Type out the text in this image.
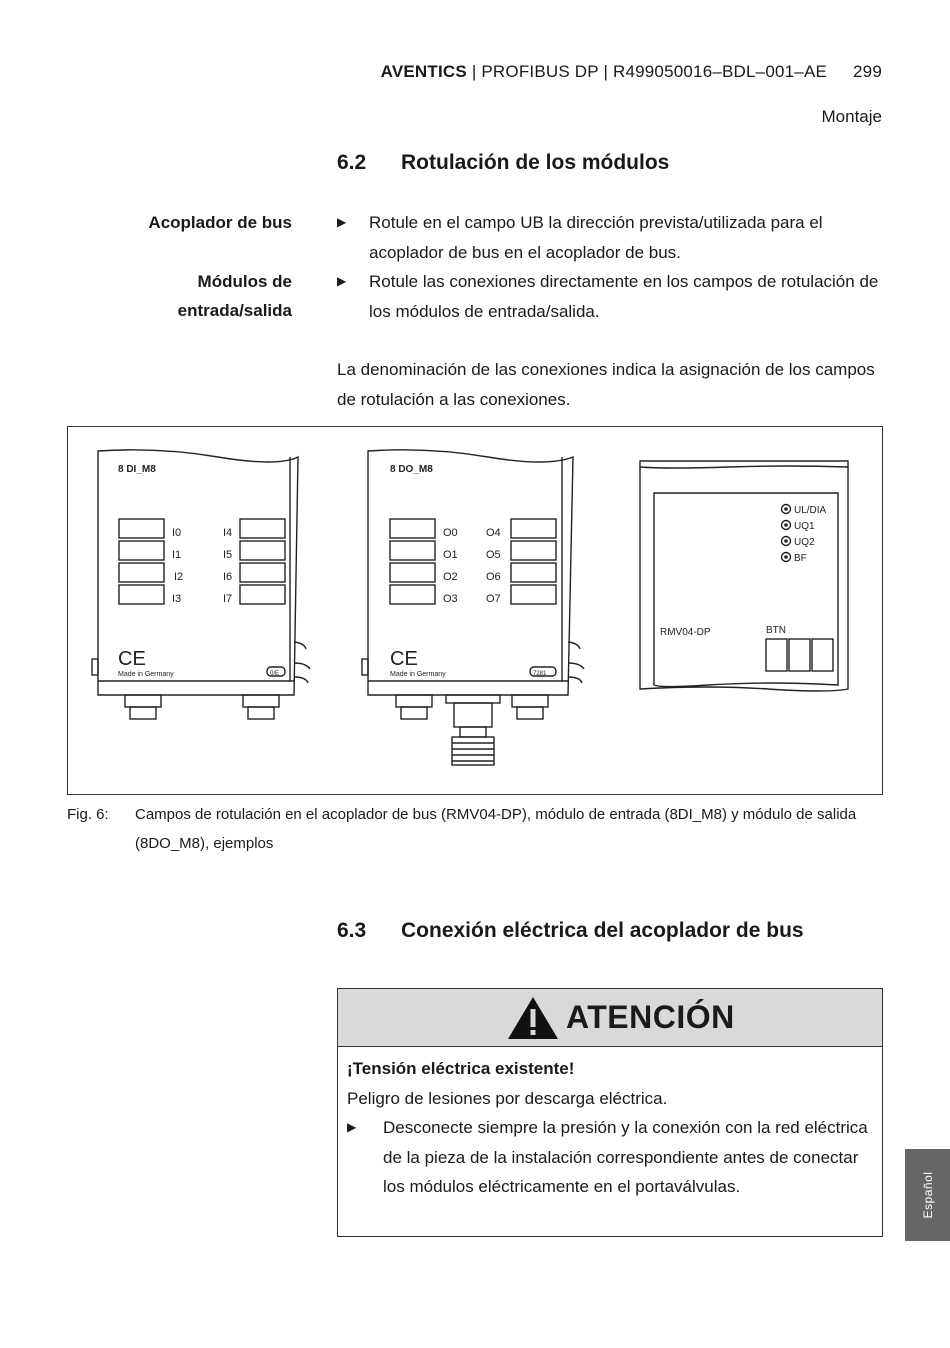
AVENTICS | PROFIBUS DP | R499050016–BDL–001–AE 299
Montaje
6.2 Rotulación de los módulos
Acoplador de bus	▶ Rotule en el campo UB la dirección prevista/utilizada para el acoplador de bus en el acoplador de bus.
Módulos de
entrada/salida
▶ Rotule las conexiones directamente en los campos de rotulación de los módulos de entrada/salida.
La denominación de las conexiones indica la asignación de los campos de rotulación a las conexiones.
8 DI_M8
I0
I1
I2
I3
I4
I5
I6
I7
CE
Made in Germany	0/E
8 DO_M8
O0
O1
O2
O3
O4
O5
O6
O7
CE
Made in Germany	7281
UL/DIA
UQ1
UQ2
BF
RMV04-DP	BTN
Fig. 6: Campos de rotulación en el acoplador de bus (RMV04-DP), módulo de entrada (8DI_M8) y módulo de salida (8DO_M8), ejemplos
6.3 Conexión eléctrica del acoplador de bus
ATENCIÓN
¡Tensión eléctrica existente!
Peligro de lesiones por descarga eléctrica.
▶ Desconecte siempre la presión y la conexión con la red eléctrica de la pieza de la instalación correspondiente antes de conectar los módulos eléctricamente en el portaválvulas.	Español
